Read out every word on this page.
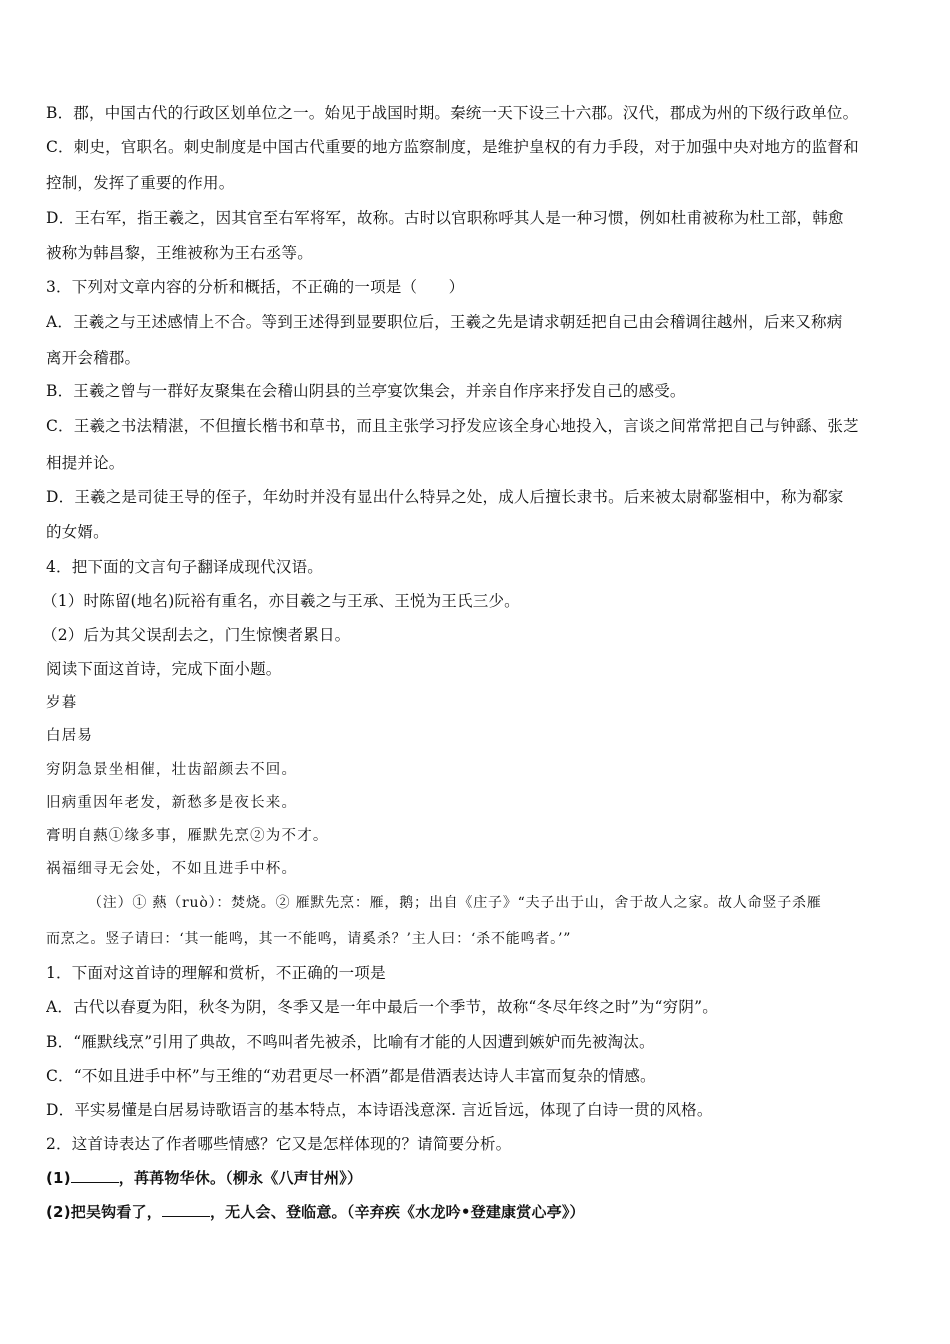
B．郡，中国古代的行政区划单位之一。始见于战国时期。秦统一天下设三十六郡。汉代，郡成为州的下级行政单位。
C．刺史，官职名。刺史制度是中国古代重要的地方监察制度，是维护皇权的有力手段，对于加强中央对地方的监督和
控制，发挥了重要的作用。
D．王右军，指王羲之，因其官至右军将军，故称。古时以官职称呼其人是一种习惯，例如杜甫被称为杜工部，韩愈
被称为韩昌黎，王维被称为王右丞等。
3．下列对文章内容的分析和概括，不正确的一项是（　　）
A．王羲之与王述感情上不合。等到王述得到显要职位后，王羲之先是请求朝廷把自己由会稽调往越州，后来又称病
离开会稽郡。
B．王羲之曾与一群好友聚集在会稽山阴县的兰亭宴饮集会，并亲自作序来抒发自己的感受。
C．王羲之书法精湛，不但擅长楷书和草书，而且主张学习抒发应该全身心地投入，言谈之间常常把自己与钟繇、张芝
相提并论。
D．王羲之是司徒王导的侄子，年幼时并没有显出什么特异之处，成人后擅长隶书。后来被太尉郗鉴相中，称为郗家
的女婿。
4．把下面的文言句子翻译成现代汉语。
（1）时陈留(地名)阮裕有重名，亦目羲之与王承、王悦为王氏三少。
（2）后为其父误刮去之，门生惊懊者累日。
阅读下面这首诗，完成下面小题。
岁暮
白居易
穷阴急景坐相催，壮齿韶颜去不回。
旧病重因年老发，新愁多是夜长来。
膏明自爇①缘多事，雁默先烹②为不才。
祸福细寻无会处，不如且进手中杯。
（注）① 爇（ruò）：焚烧。② 雁默先烹：雁，鹅；出自《庄子》“夫子出于山，舍于故人之家。故人命竖子杀雁
而烹之。竖子请曰：‘其一能鸣，其一不能鸣，请奚杀？’主人曰：‘杀不能鸣者。’”
1．下面对这首诗的理解和赏析，不正确的一项是
A．古代以春夏为阳，秋冬为阴，冬季又是一年中最后一个季节，故称“冬尽年终之时”为“穷阴”。
B．“雁默线烹”引用了典故，不鸣叫者先被杀，比喻有才能的人因遭到嫉妒而先被淘汰。
C．“不如且进手中杯”与王维的“劝君更尽一杯酒”都是借酒表达诗人丰富而复杂的情感。
D．平实易懂是白居易诗歌语言的基本特点，本诗语浅意深. 言近旨远，体现了白诗一贯的风格。
2．这首诗表达了作者哪些情感？它又是怎样体现的？请简要分析。
(1)	，苒苒物华休。（柳永《八声甘州》）
(2)把吴钩看了，	，无人会、登临意。（辛弃疾《水龙吟•登建康赏心亭》）
